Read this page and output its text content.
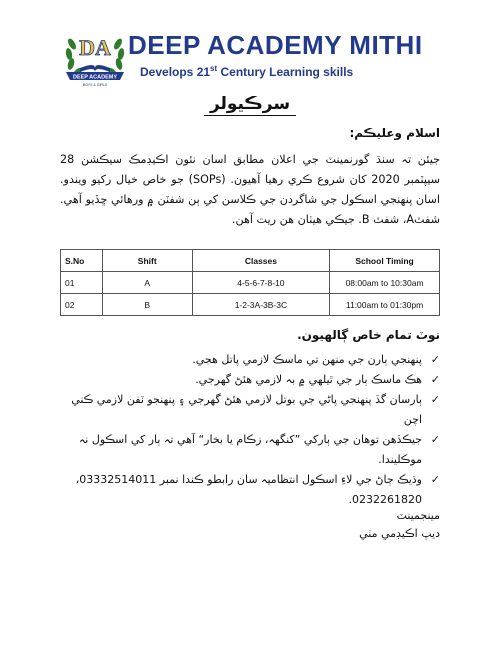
DA
DEEP ACADEMY
BOYS & GIRLS
DEEP ACADEMY MITHI
Develops 21st Century Learning skills
سرڪيولر
اسلام وعليڪم:
جيئن تہ سنڌ گورنمينٽ جي اعلان مطابق اسان نئون اڪيڊمڪ سيڪشن 28 سيپٽمبر 2020 کان شروع ڪري رهيا آهيون. (SOPs) جو خاص خيال رکيو ويندو. اسان پنهنجي اسڪول جي شاگردن جي ڪلاسن کي ٻن شفٽن ۾ ورهائي ڇڏيو آهي. شفٽA، شفٽ B. جيڪي هيٺان ھن ريت آھن.
S.No	Shift	Classes	School Timing
01	A	4-5-6-7-8-10	08:00am to 10:30am
02	B	1-2-3A-3B-3C	11:00am to 01:30pm
نوٽ تمام خاص ڳالهيون.
✓
پنهنجي ٻارن جي منهن تي ماسڪ لازمي پاتل هجي.
✓
هڪ ماسڪ ٻار جي ٿيلهي ۾ بہ لازمي هئڻ گهرجي.
✓
ٻارسان گڏ پنهنجي پاڻي جي بوتل لازمي هئڻ گهرجي ۽ پنهنجو ٽفن لازمي ڪني اچن
✓
جيڪڏهن توهان جي ٻارکي ”کنگهہ، زڪام يا بخار“ آهي تہ ٻار کي اسڪول نہ موڪليندا.
✓
وڌيڪ ڄاڻ جي لاءِ اسڪول انتظاميہ سان رابطو ڪندا نمبر 03332514011، 0232261820.
مينجمينٽ
ديپ اڪيڊمي مٺي
